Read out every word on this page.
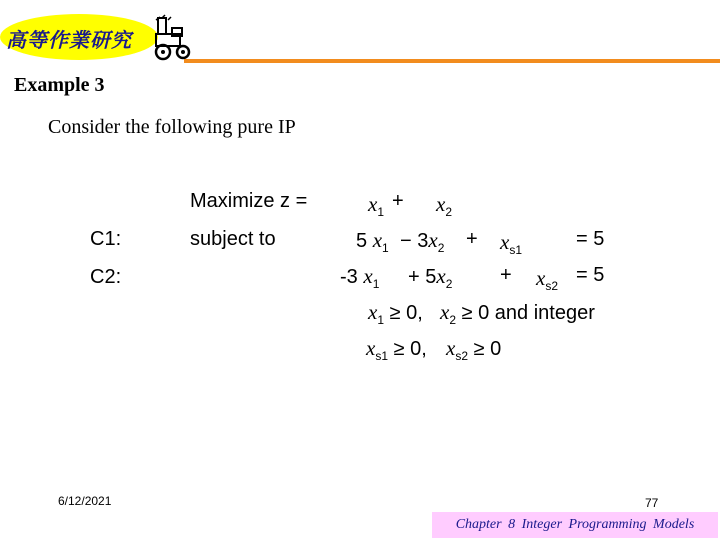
高等作業研究
Example 3
Consider the following pure IP
C1:
C2:
Maximize z =	$x_1 + x_2$
subject to	5 $x_1 - 3x_2 + x_{s1}$	= 5
-3 $x_1 + 5x_2 + x_{s2} = 5$
$x_1 \ge 0$, $x_2 \ge 0$ and integer
$x_{s1} \ge 0$, $x_{s2} \ge 0$
6/12/2021	77
Chapter 8 Integer Programming Models
